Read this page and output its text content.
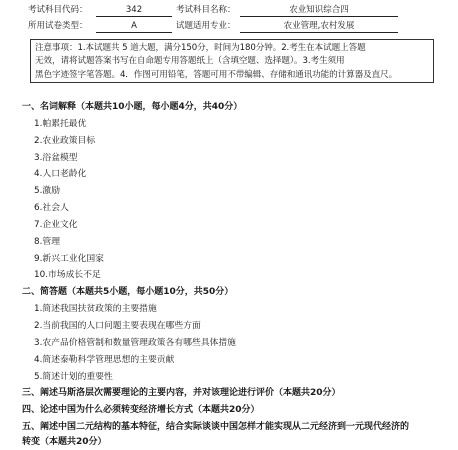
考试科目代码：	342	考试科目名称：	农业知识综合四
所用试卷类型：	A	试题适用专业：	农业管理,农村发展

注意事项：1.本试题共 5 道大题，满分150分，时间为180分钟。2.考生在本试题上答题

无效，请将试题答案书写在自命题专用答题纸上（含填空题、选择题）。3.考生须用

黑色字迹签字笔答题。4．作图可用铅笔，答题可用不带编辑、存储和通讯功能的计算器及直尺。

一、名词解释（本题共10小题，每小题4分，共40分）
1.帕累托最优
2.农业政策目标
3.浴盆模型
4.人口老龄化
5.激励
6.社会人
7.企业文化
8.管理
9.新兴工业化国家
10.市场成长不足
二、简答题（本题共5小题，每小题10分，共50分）
1.简述我国扶贫政策的主要措施
2.当前我国的人口问题主要表现在哪些方面
3.农产品价格管制和数量管理政策各有哪些具体措施
4.简述泰勒科学管理思想的主要贡献
5.简述计划的重要性
三、阐述马斯洛层次需要理论的主要内容，并对该理论进行评价（本题共20分）
四、论述中国为什么必须转变经济增长方式（本题共20分）
五、阐述中国二元结构的基本特征，结合实际谈谈中国怎样才能实现从二元经济到一元现代经济的
转变（本题共20分）
